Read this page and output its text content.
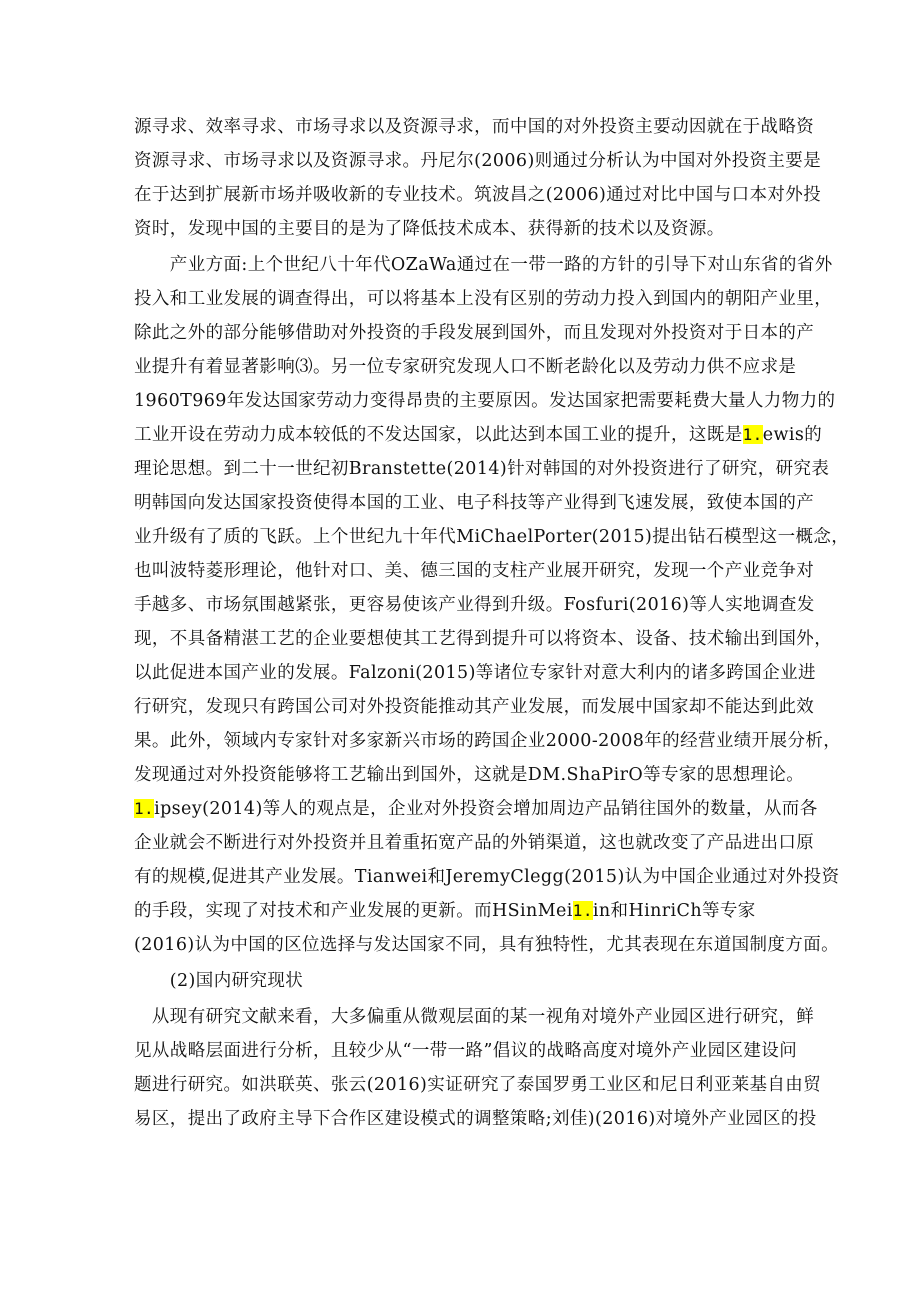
源寻求、效率寻求、市场寻求以及资源寻求，而中国的对外投资主要动因就在于战略资
资源寻求、市场寻求以及资源寻求。丹尼尔(2006)则通过分析认为中国对外投资主要是
在于达到扩展新市场并吸收新的专业技术。筑波昌之(2006)通过对比中国与口本对外投
资时，发现中国的主要目的是为了降低技术成本、获得新的技术以及资源。
　　产业方面:上个世纪八十年代OZaWa通过在一带一路的方针的引导下对山东省的省外
投入和工业发展的调查得出，可以将基本上没有区别的劳动力投入到国内的朝阳产业里，
除此之外的部分能够借助对外投资的手段发展到国外，而且发现对外投资对于日本的产
业提升有着显著影响⑶。另一位专家研究发现人口不断老龄化以及劳动力供不应求是
1960T969年发达国家劳动力变得昂贵的主要原因。发达国家把需要耗费大量人力物力的
工业开设在劳动力成本较低的不发达国家，以此达到本国工业的提升，这既是1.ewis的
理论思想。到二十一世纪初Branstette(2014)针对韩国的对外投资进行了研究，研究表
明韩国向发达国家投资使得本国的工业、电子科技等产业得到飞速发展，致使本国的产
业升级有了质的飞跃。上个世纪九十年代MiChaelPorter(2015)提出钻石模型这一概念，
也叫波特菱形理论，他针对口、美、德三国的支柱产业展开研究，发现一个产业竞争对
手越多、市场氛围越紧张，更容易使该产业得到升级。Fosfuri(2016)等人实地调查发
现，不具备精湛工艺的企业要想使其工艺得到提升可以将资本、设备、技术输出到国外，
以此促进本国产业的发展。Falzoni(2015)等诸位专家针对意大利内的诸多跨国企业进
行研究，发现只有跨国公司对外投资能推动其产业发展，而发展中国家却不能达到此效
果。此外，领域内专家针对多家新兴市场的跨国企业2000-2008年的经营业绩开展分析，
发现通过对外投资能够将工艺输出到国外，这就是DM.ShaPirO等专家的思想理论。
1.ipsey(2014)等人的观点是，企业对外投资会增加周边产品销往国外的数量，从而各
企业就会不断进行对外投资并且着重拓宽产品的外销渠道，这也就改变了产品进出口原
有的规模,促进其产业发展。Tianwei和JeremyClegg(2015)认为中国企业通过对外投资
的手段，实现了对技术和产业发展的更新。而HSinMei1.in和HinriCh等专家
(2016)认为中国的区位选择与发达国家不同，具有独特性，尤其表现在东道国制度方面。
　　(2)国内研究现状
　从现有研究文献来看，大多偏重从微观层面的某一视角对境外产业园区进行研究，鲜
见从战略层面进行分析，且较少从“一带一路”倡议的战略高度对境外产业园区建设问
题进行研究。如洪联英、张云(2016)实证研究了泰国罗勇工业区和尼日利亚莱基自由贸
易区，提出了政府主导下合作区建设模式的调整策略;刘佳)(2016)对境外产业园区的投
